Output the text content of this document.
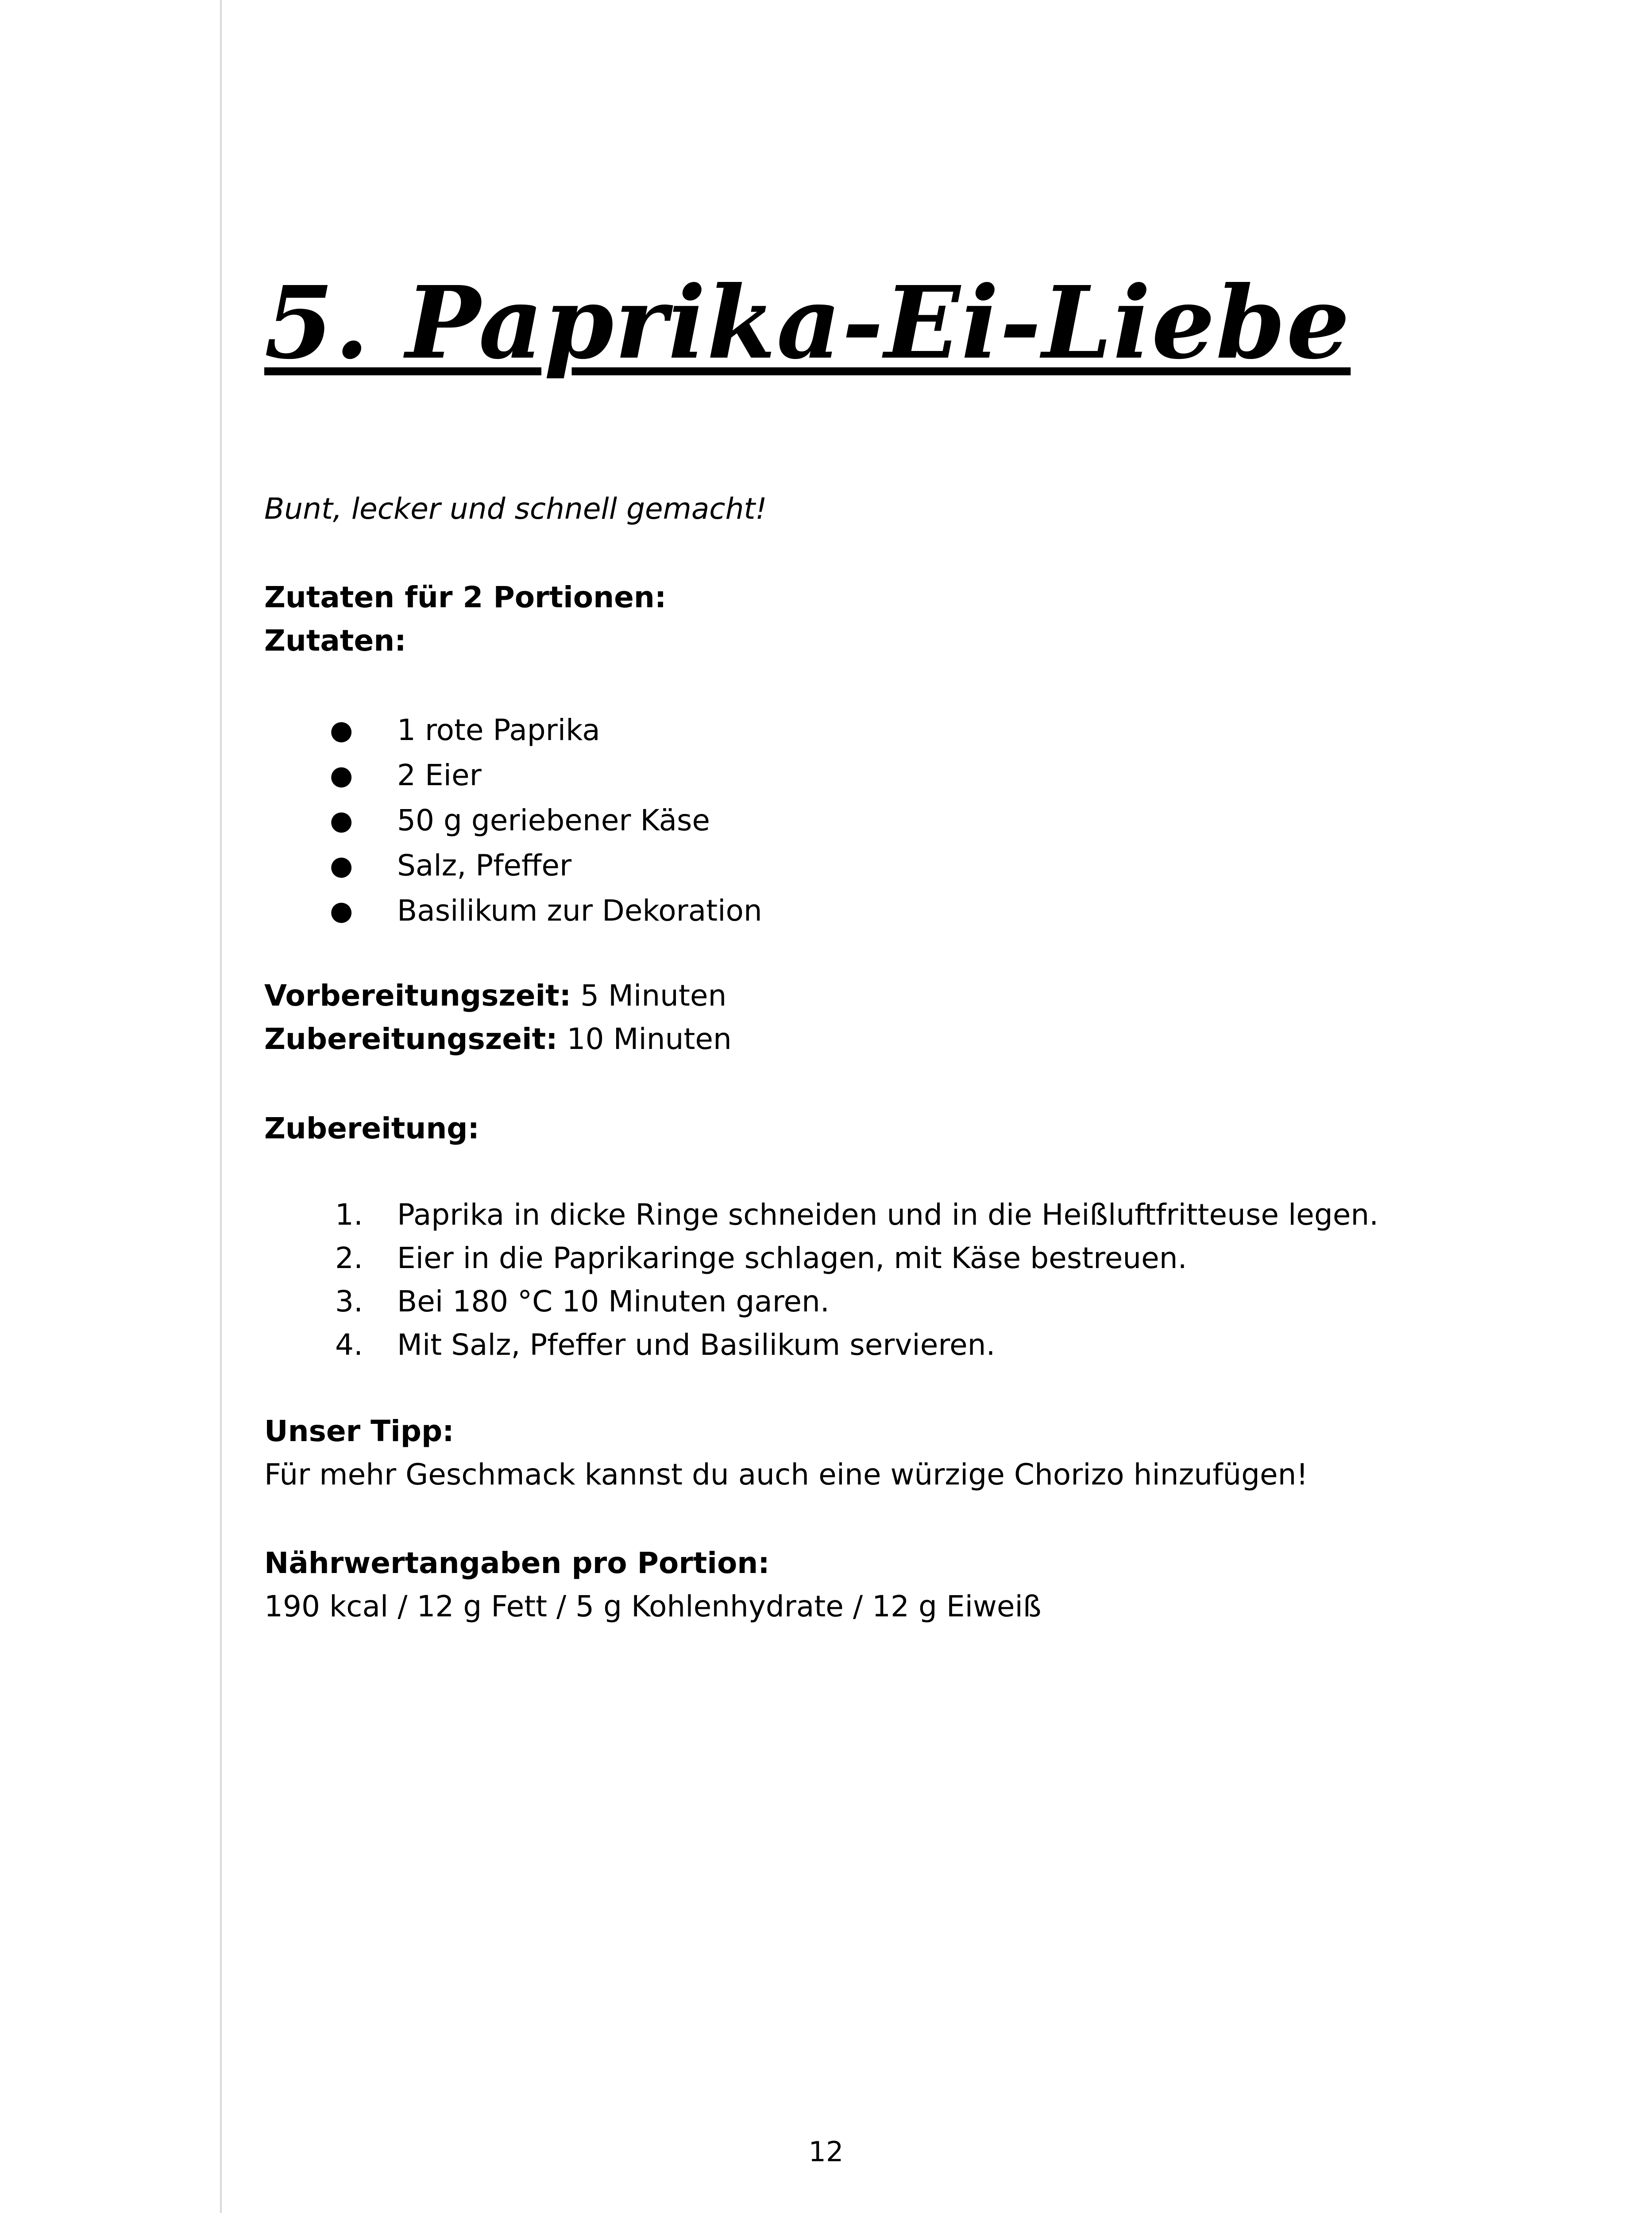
5. Paprika-Ei-Liebe
Bunt, lecker und schnell gemacht!
Zutaten für 2 Portionen:
Zutaten:
● 1 rote Paprika
● 2 Eier
● 50 g geriebener Käse
● Salz, Pfeffer
● Basilikum zur Dekoration
Vorbereitungszeit: 5 Minuten
Zubereitungszeit: 10 Minuten
Zubereitung:
1. Paprika in dicke Ringe schneiden und in die Heißluftfritteuse legen.
2. Eier in die Paprikaringe schlagen, mit Käse bestreuen.
3. Bei 180 °C 10 Minuten garen.
4. Mit Salz, Pfeffer und Basilikum servieren.
Unser Tipp:
Für mehr Geschmack kannst du auch eine würzige Chorizo hinzufügen!
Nährwertangaben pro Portion:
190 kcal / 12 g Fett / 5 g Kohlenhydrate / 12 g Eiweiß
12
